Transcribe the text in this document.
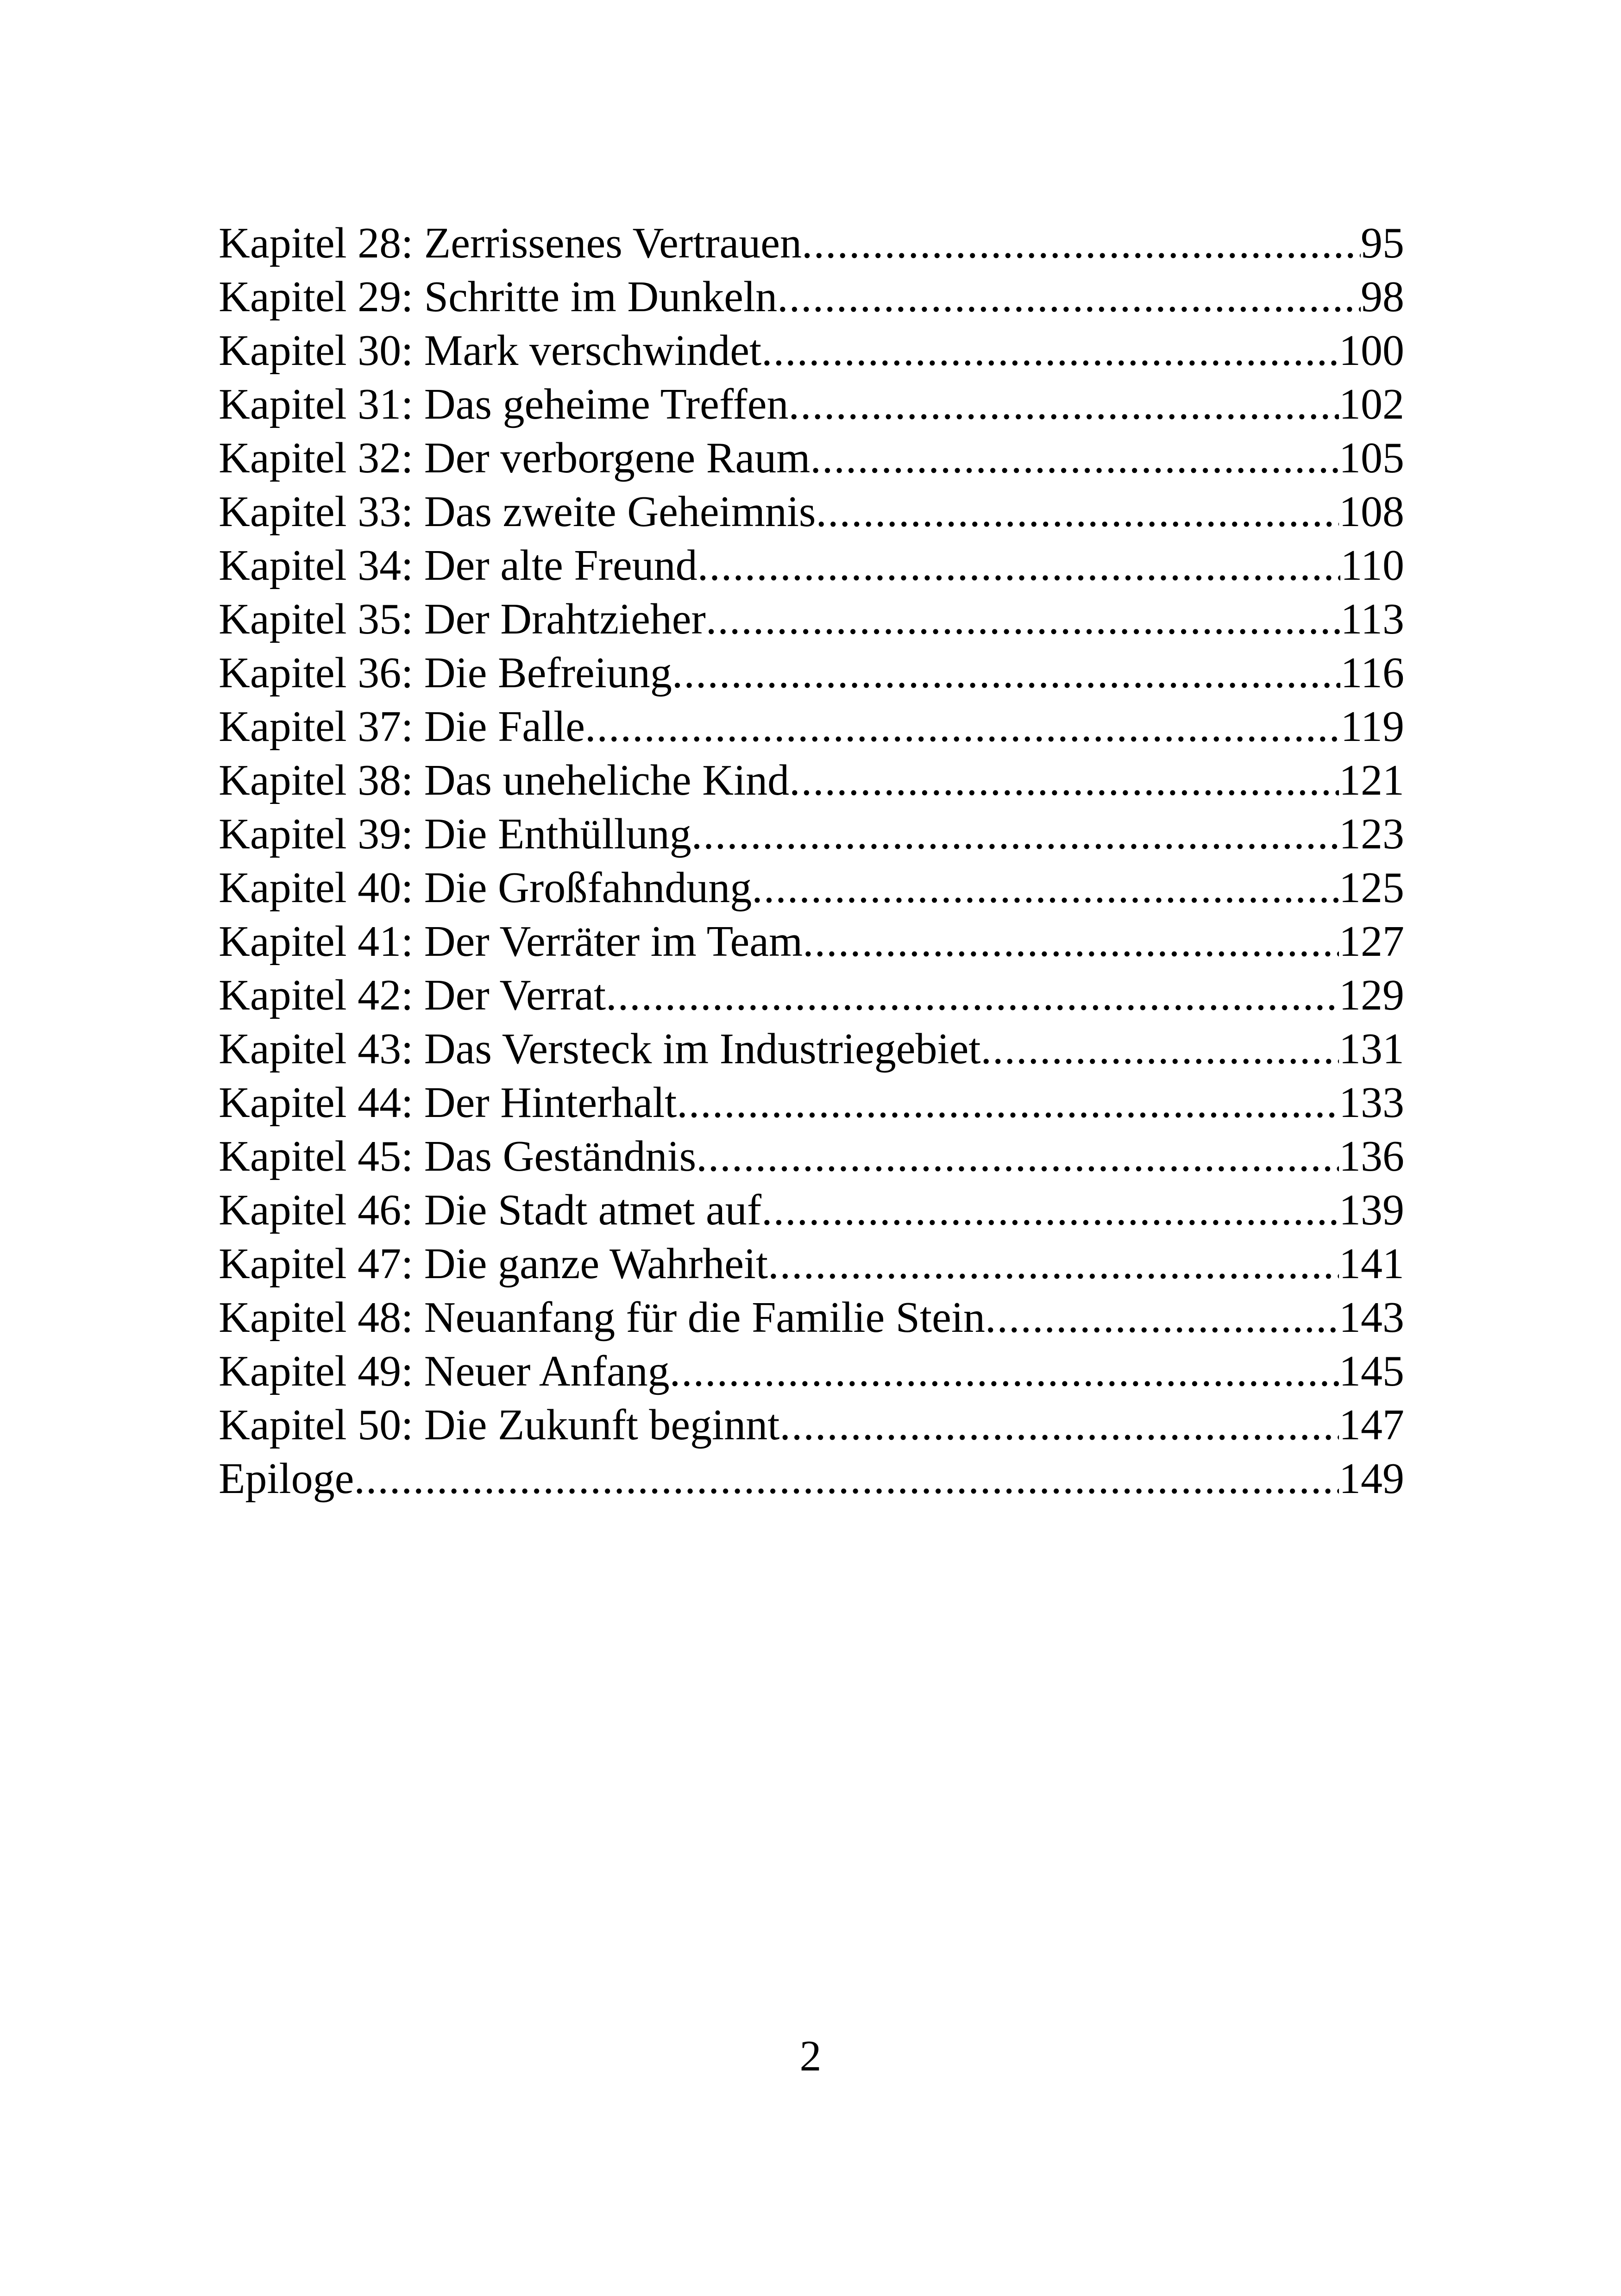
Kapitel 28: Zerrissenes Vertrauen .....	95
Kapitel 29: Schritte im Dunkeln .....	98
Kapitel 30: Mark verschwindet .....	100
Kapitel 31: Das geheime Treffen .....	102
Kapitel 32: Der verborgene Raum .....	105
Kapitel 33: Das zweite Geheimnis .....	108
Kapitel 34: Der alte Freund .....	110
Kapitel 35: Der Drahtzieher .....	113
Kapitel 36: Die Befreiung .....	116
Kapitel 37: Die Falle .....	119
Kapitel 38: Das uneheliche Kind .....	121
Kapitel 39: Die Enthüllung .....	123
Kapitel 40: Die Großfahndung .....	125
Kapitel 41: Der Verräter im Team .....	127
Kapitel 42: Der Verrat .....	129
Kapitel 43: Das Versteck im Industriegebiet .....	131
Kapitel 44: Der Hinterhalt .....	133
Kapitel 45: Das Geständnis .....	136
Kapitel 46: Die Stadt atmet auf .....	139
Kapitel 47: Die ganze Wahrheit .....	141
Kapitel 48: Neuanfang für die Familie Stein .....	143
Kapitel 49: Neuer Anfang .....	145
Kapitel 50: Die Zukunft beginnt .....	147
Epiloge .....	149
2
